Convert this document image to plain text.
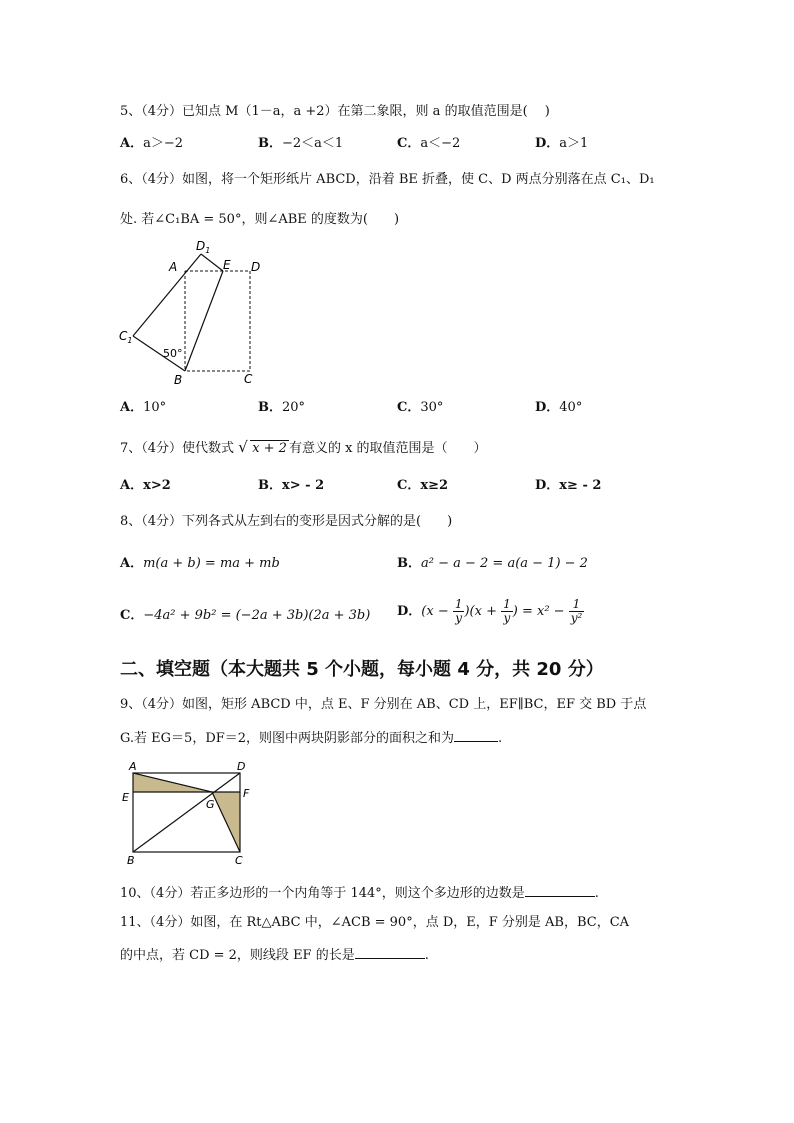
5、（4分）已知点 M（1－a，a +2）在第二象限，则 a 的取值范围是(　 )
A．a＞−2	B．−2＜a＜1	C．a＜−2	D．a＞1
6、（4分）如图，将一个矩形纸片 ABCD，沿着 BE 折叠，使 C、D 两点分别落在点 C₁、D₁
处. 若∠C₁BA = 50°，则∠ABE 的度数为(　　)
A
$D_1$
E D
$C_1$
50°
B	C
A．10°	B．20°	C．30°	D．40°
7、（4分）使代数式 √ x + 2 有意义的 x 的取值范围是（　　）
A．x>2	B．x> - 2	C．x≥2	D．x≥ - 2
8、（4分）下列各式从左到右的变形是因式分解的是(　　)
A．m(a + b) = ma + mb	B．a² − a − 2 = a(a − 1) − 2
C．−4a² + 9b² = (−2a + 3b)(2a + 3b) D．$(x - \frac{1}{y} )(x + \frac{1}{y}$ ) = $x^2 - \frac{1}{\text{y²}}$
二、填空题（本大题共 5 个小题，每小题 4 分，共 20 分）
9、（4分）如图，矩形 ABCD 中，点 E、F 分别在 AB、CD 上，EF∥BC，EF 交 BD 于点
G.若 EG＝5，DF＝2，则图中两块阴影部分的面积之和为	.
A	D
E
G
F
B	C
10、（4分）若正多边形的一个内角等于 144°，则这个多边形的边数是	.
11、（4分）如图，在 Rt△ABC 中，∠ACB = 90°，点 D，E，F 分别是 AB，BC，CA
的中点，若 CD = 2，则线段 EF 的长是	.
